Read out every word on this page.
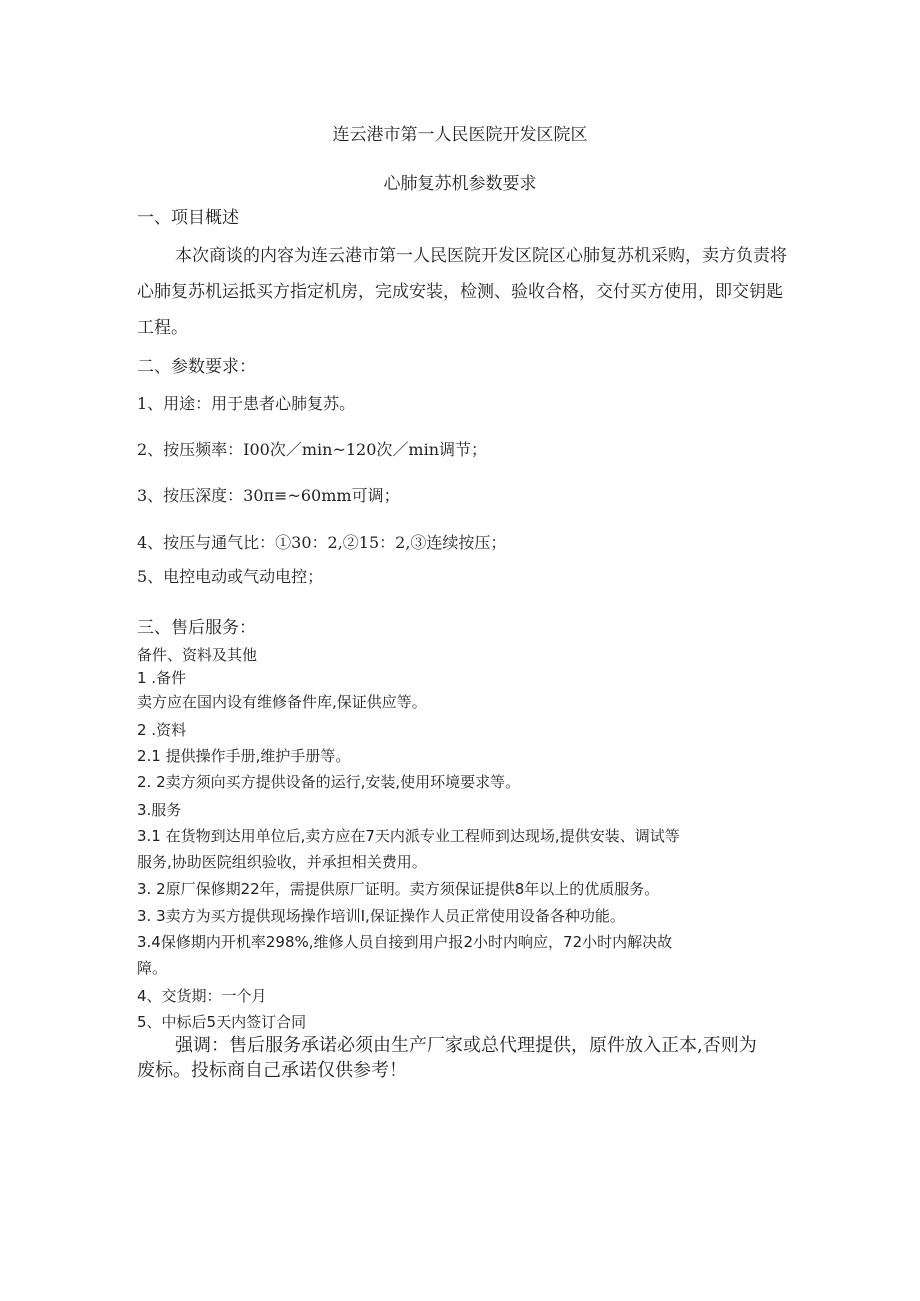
连云港市第一人民医院开发区院区
心肺复苏机参数要求
一、项目概述
本次商谈的内容为连云港市第一人民医院开发区院区心肺复苏机采购，卖方负责将
心肺复苏机运抵买方指定机房，完成安装，检测、验收合格，交付买方使用，即交钥匙
工程。
二、参数要求：
1、用途：用于患者心肺复苏。
2、按压频率：I00次／min~120次／min调节；
3、按压深度：30π≡~60mm可调；
4、按压与通气比：①30：2,②15：2,③连续按压；
5、电控电动或气动电控；
三、售后服务：
备件、资料及其他
1 .备件
卖方应在国内设有维修备件库,保证供应等。
2 .资料
2.1 提供操作手册,维护手册等。
2. 2卖方须向买方提供设备的运行,安装,使用环境要求等。
3.服务
3.1 在货物到达用单位后,卖方应在7天内派专业工程师到达现场,提供安装、调试等
服务,协助医院组织验收，并承担相关费用。
3. 2原厂保修期22年，需提供原厂证明。卖方须保证提供8年以上的优质服务。
3. 3卖方为买方提供现场操作培训I,保证操作人员正常使用设备各种功能。
3.4保修期内开机率298%,维修人员自接到用户报2小时内响应，72小时内解决故
障。
4、交货期：一个月
5、中标后5天内签订合同
强调：售后服务承诺必须由生产厂家或总代理提供，原件放入正本,否则为
废标。投标商自己承诺仅供参考！
